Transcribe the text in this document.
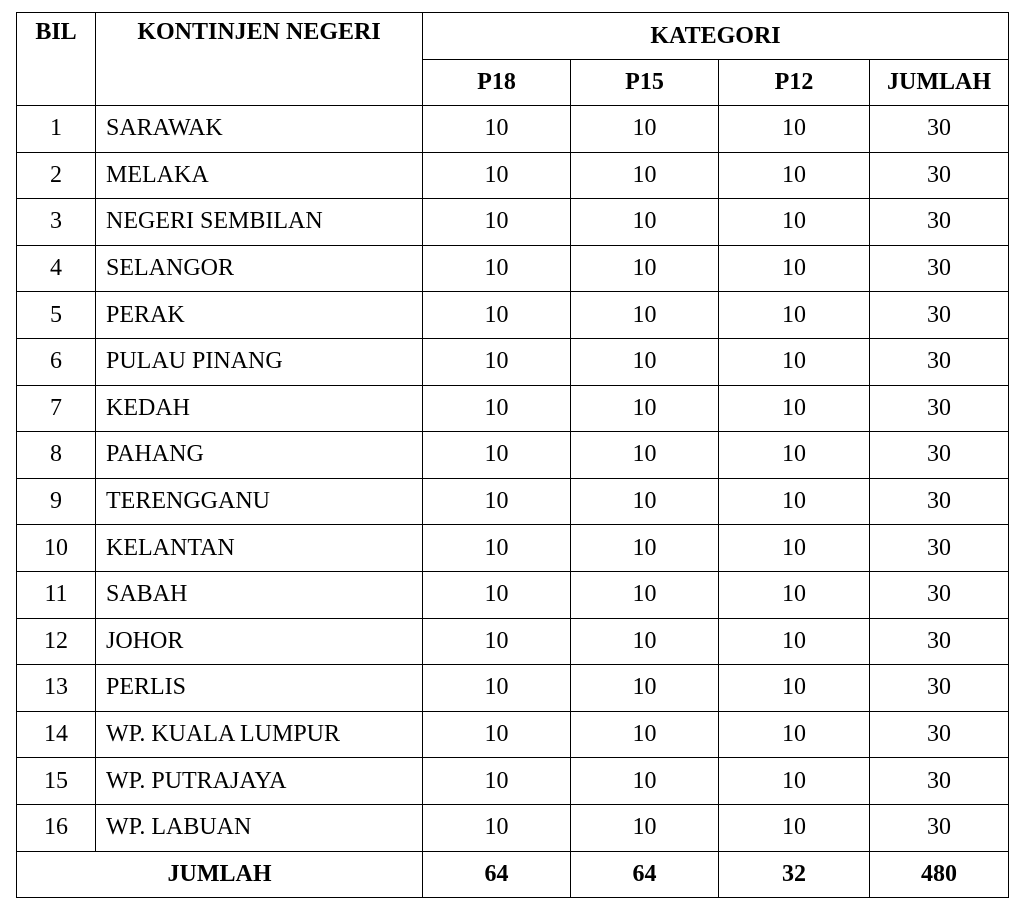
BIL	KONTINJEN NEGERI	KATEGORI			
		P18	P15	P12	JUMLAH
1	SARAWAK	10	10	10	30
2	MELAKA	10	10	10	30
3	NEGERI SEMBILAN	10	10	10	30
4	SELANGOR	10	10	10	30
5	PERAK	10	10	10	30
6	PULAU PINANG	10	10	10	30
7	KEDAH	10	10	10	30
8	PAHANG	10	10	10	30
9	TERENGGANU	10	10	10	30
10	KELANTAN	10	10	10	30
11	SABAH	10	10	10	30
12	JOHOR	10	10	10	30
13	PERLIS	10	10	10	30
14	WP. KUALA LUMPUR	10	10	10	30
15	WP. PUTRAJAYA	10	10	10	30
16	WP. LABUAN	10	10	10	30
JUMLAH		64	64	32	480
